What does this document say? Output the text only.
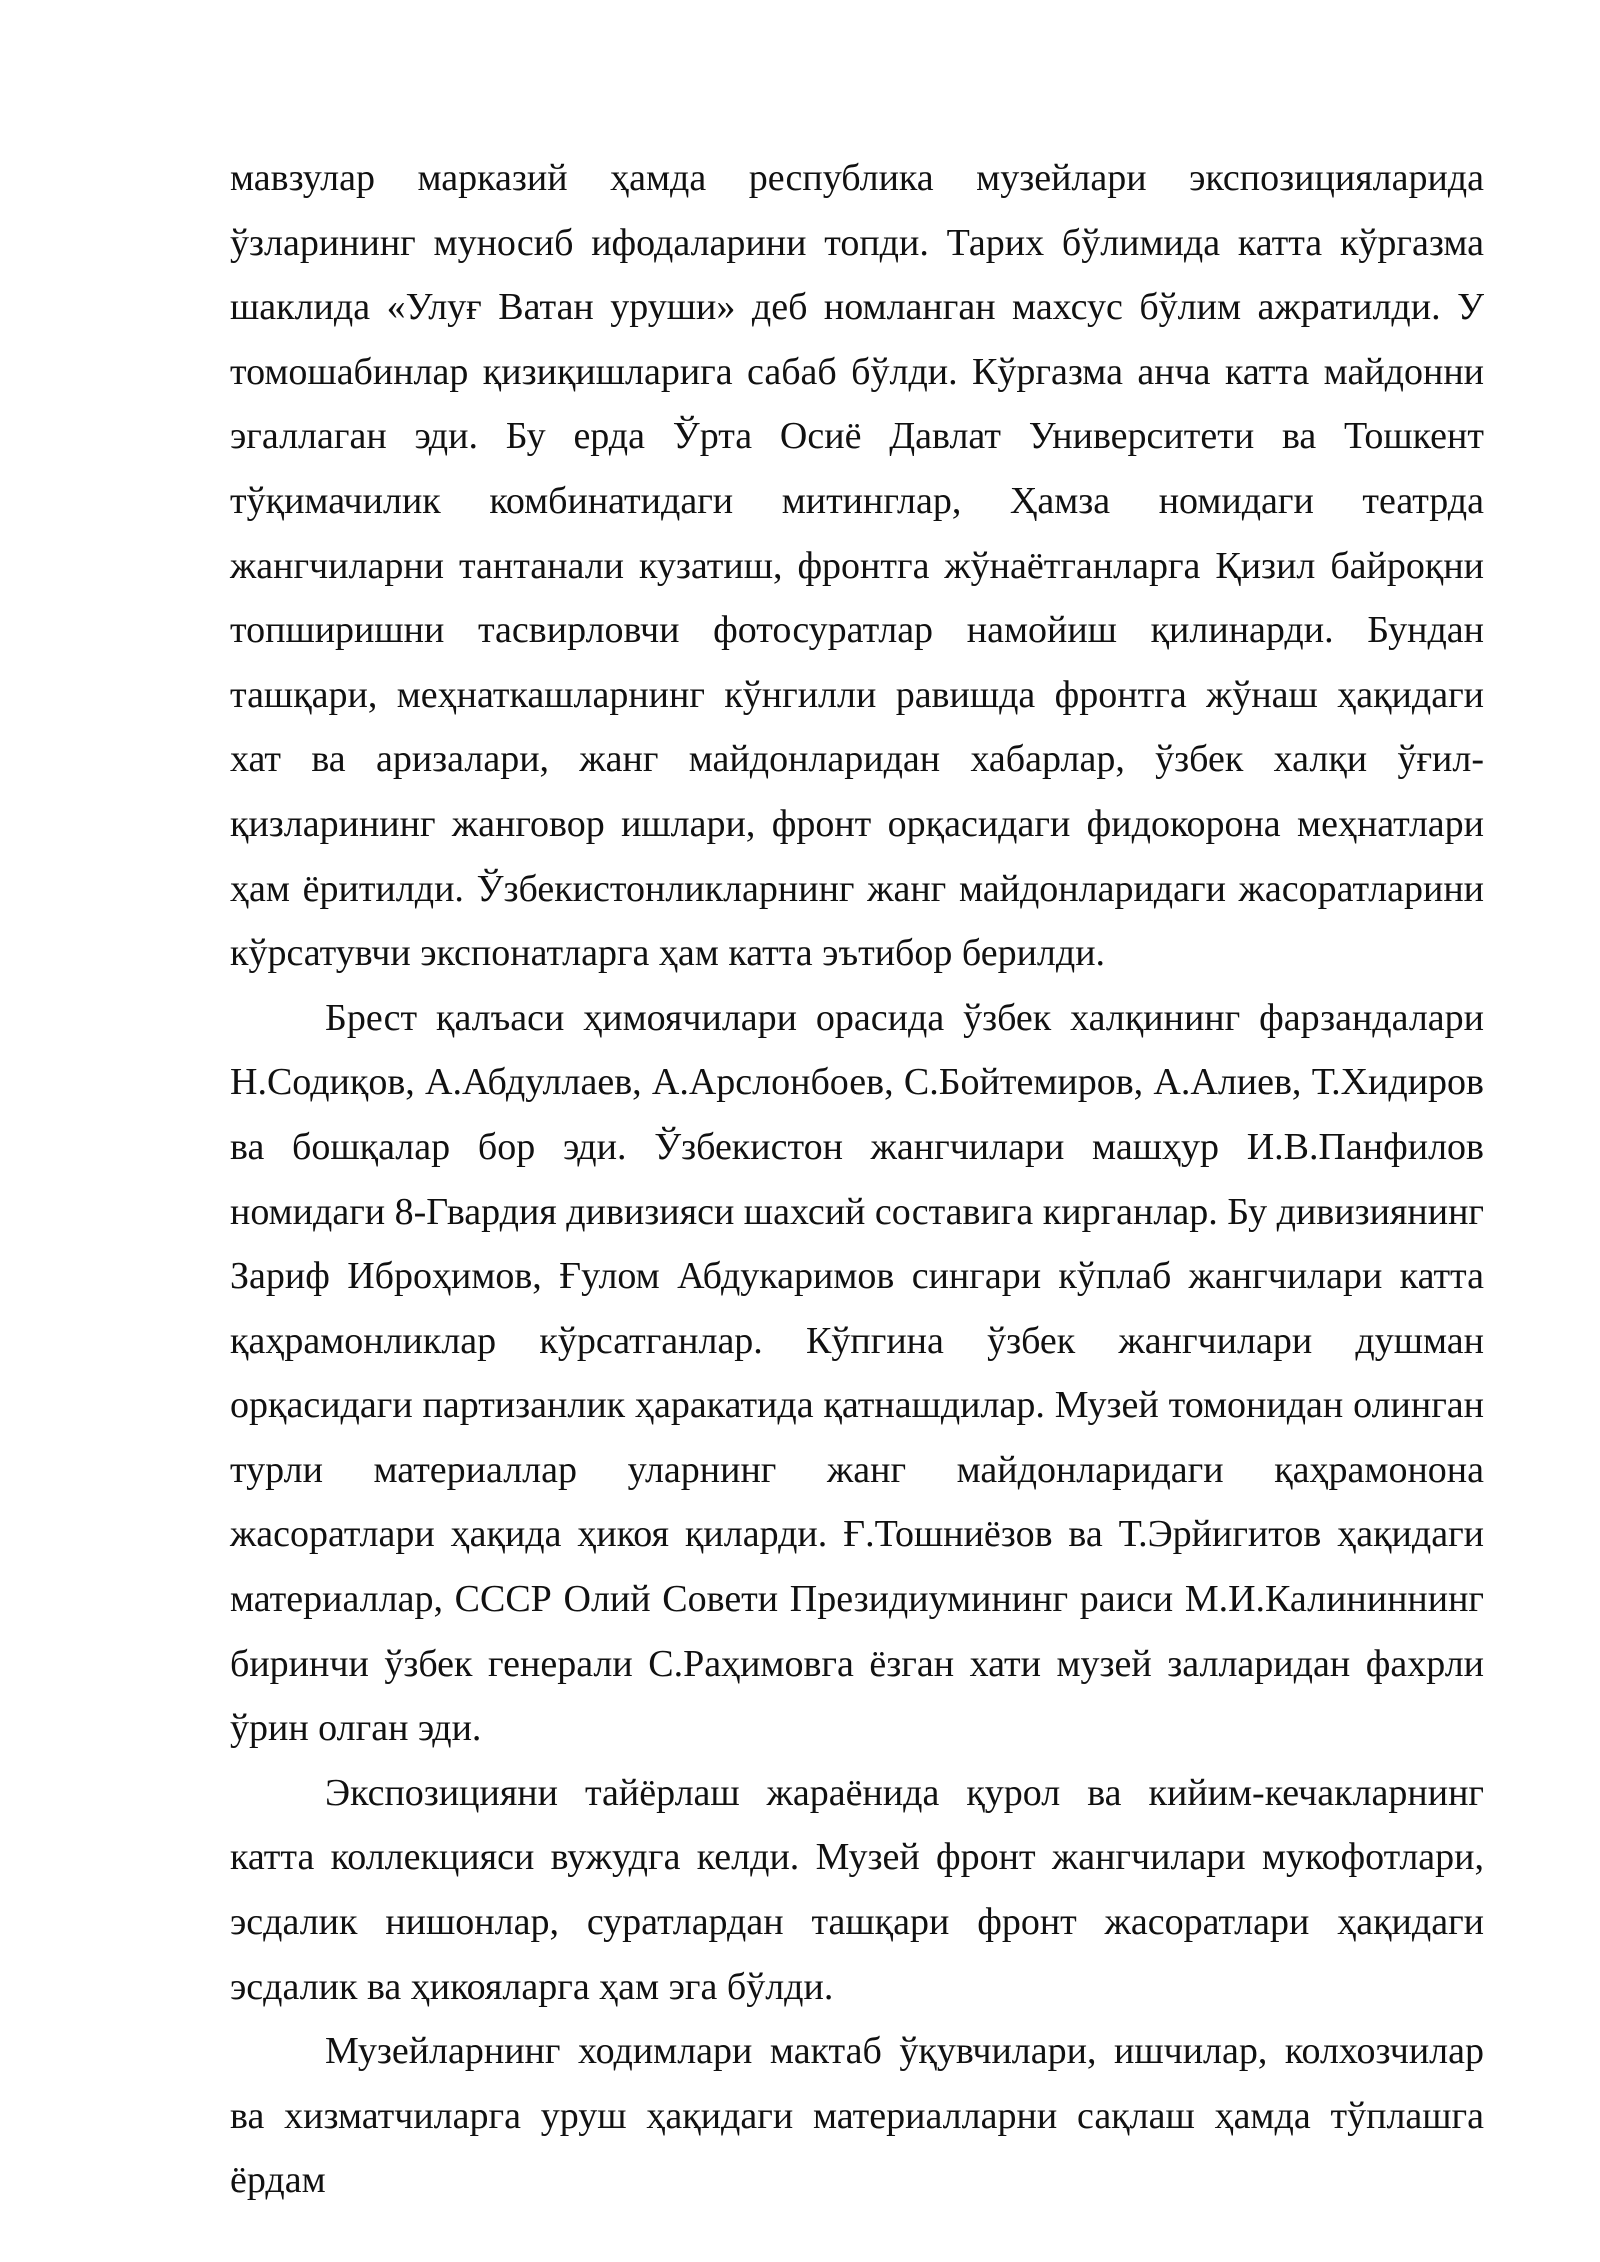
мавзулар марказий ҳамда республика музейлари экспозицияларида ўзларининг муносиб ифодаларини топди. Тарих бўлимида катта кўргазма шаклида «Улуғ Ватан уруши» деб номланган махсус бўлим ажратилди. У томошабинлар қизиқишларига сабаб бўлди. Кўргазма анча катта майдонни эгаллаган эди. Бу ерда Ўрта Осиё Давлат Университети ва Тошкент тўқимачилик комбинатидаги митинглар, Ҳамза номидаги театрда жангчиларни тантанали кузатиш, фронтга жўнаётганларга Қизил байроқни топширишни тасвирловчи фотосуратлар намойиш қилинарди. Бундан ташқари, меҳнаткашларнинг кўнгилли равишда фронтга жўнаш ҳақидаги хат ва аризалари, жанг майдонларидан хабарлар, ўзбек халқи ўғил-қизларининг жанговор ишлари, фронт орқасидаги фидокорона меҳнатлари ҳам ёритилди. Ўзбекистонликларнинг жанг майдонларидаги жасоратларини кўрсатувчи экспонатларга ҳам катта эътибор берилди.

Брест қалъаси ҳимоячилари орасида ўзбек халқининг фарзандалари Н.Содиқов, А.Абдуллаев, А.Арслонбоев, С.Бойтемиров, А.Алиев, Т.Хидиров ва бошқалар бор эди. Ўзбекистон жангчилари машҳур И.В.Панфилов номидаги 8-Гвардия дивизияси шахсий составига кирганлар. Бу дивизиянинг Зариф Иброҳимов, Ғулом Абдукаримов сингари кўплаб жангчилари катта қаҳрамонликлар кўрсатганлар. Кўпгина ўзбек жангчилари душман орқасидаги партизанлик ҳаракатида қатнашдилар. Музей томонидан олинган турли материаллар уларнинг жанг майдонларидаги қаҳрамонона жасоратлари ҳақида ҳикоя қиларди. Ғ.Тошниёзов ва Т.Эрйигитов ҳақидаги материаллар, СССР Олий Совети Президиумининг раиси М.И.Калининнинг биринчи ўзбек генерали С.Раҳимовга ёзган хати музей залларидан фахрли ўрин олган эди.

Экспозицияни тайёрлаш жараёнида қурол ва кийим-кечакларнинг катта коллекцияси вужудга келди. Музей фронт жангчилари мукофотлари, эсдалик нишонлар, суратлардан ташқари фронт жасоратлари ҳақидаги эсдалик ва ҳикояларга ҳам эга бўлди.

Музейларнинг ходимлари мактаб ўқувчилари, ишчилар, колхозчилар ва хизматчиларга уруш ҳақидаги материалларни сақлаш ҳамда тўплашга ёрдам
